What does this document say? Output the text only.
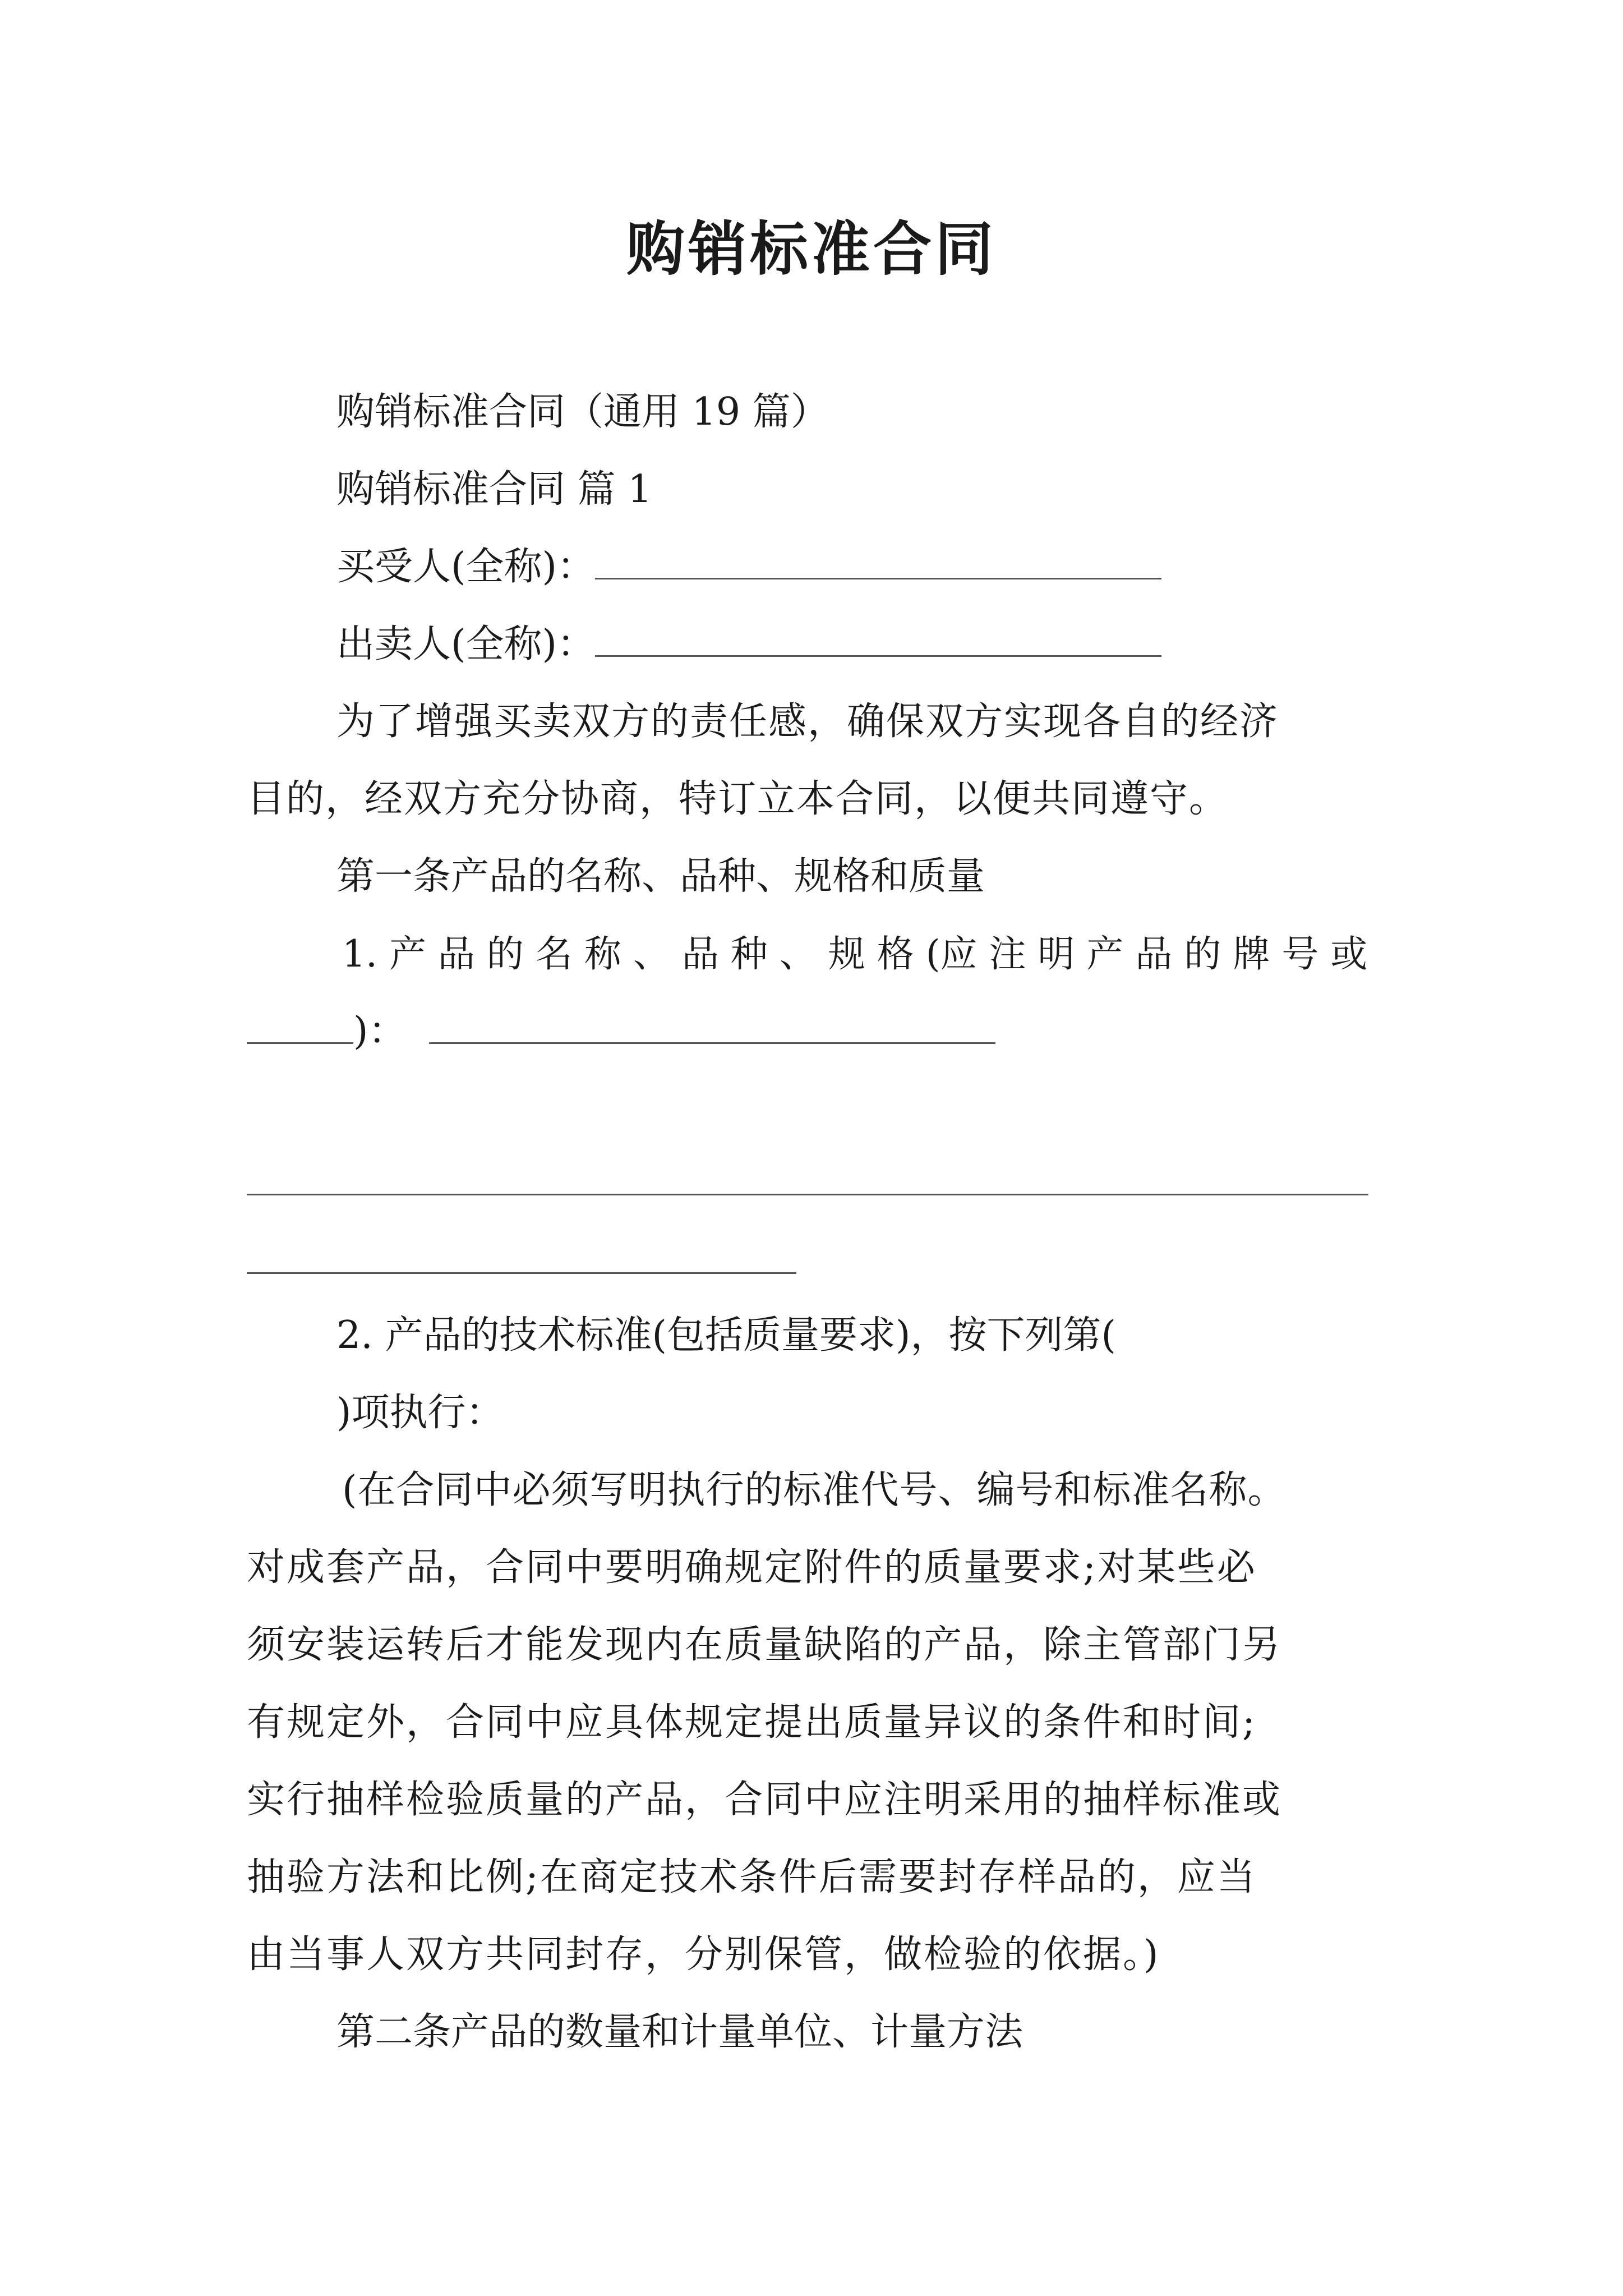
购销标准合同
购销标准合同（通用 19 篇）
购销标准合同 篇 1
买受人(全称)：
出卖人(全称)：
为了增强买卖双方的责任感，确保双方实现各自的经济
目的，经双方充分协商，特订立本合同，以便共同遵守。
第一条产品的名称、品种、规格和质量
1. 产 品 的 名 称 、 品 种 、 规 格 (应 注 明 产 品 的 牌 号 或
)：
2. 产品的技术标准(包括质量要求)，按下列第(
)项执行：
(在合同中必须写明执行的标准代号、编号和标准名称。
对成套产品，合同中要明确规定附件的质量要求;对某些必
须安装运转后才能发现内在质量缺陷的产品，除主管部门另
有规定外，合同中应具体规定提出质量异议的条件和时间;
实行抽样检验质量的产品，合同中应注明采用的抽样标准或
抽验方法和比例;在商定技术条件后需要封存样品的，应当
由当事人双方共同封存，分别保管，做检验的依据。)
第二条产品的数量和计量单位、计量方法
